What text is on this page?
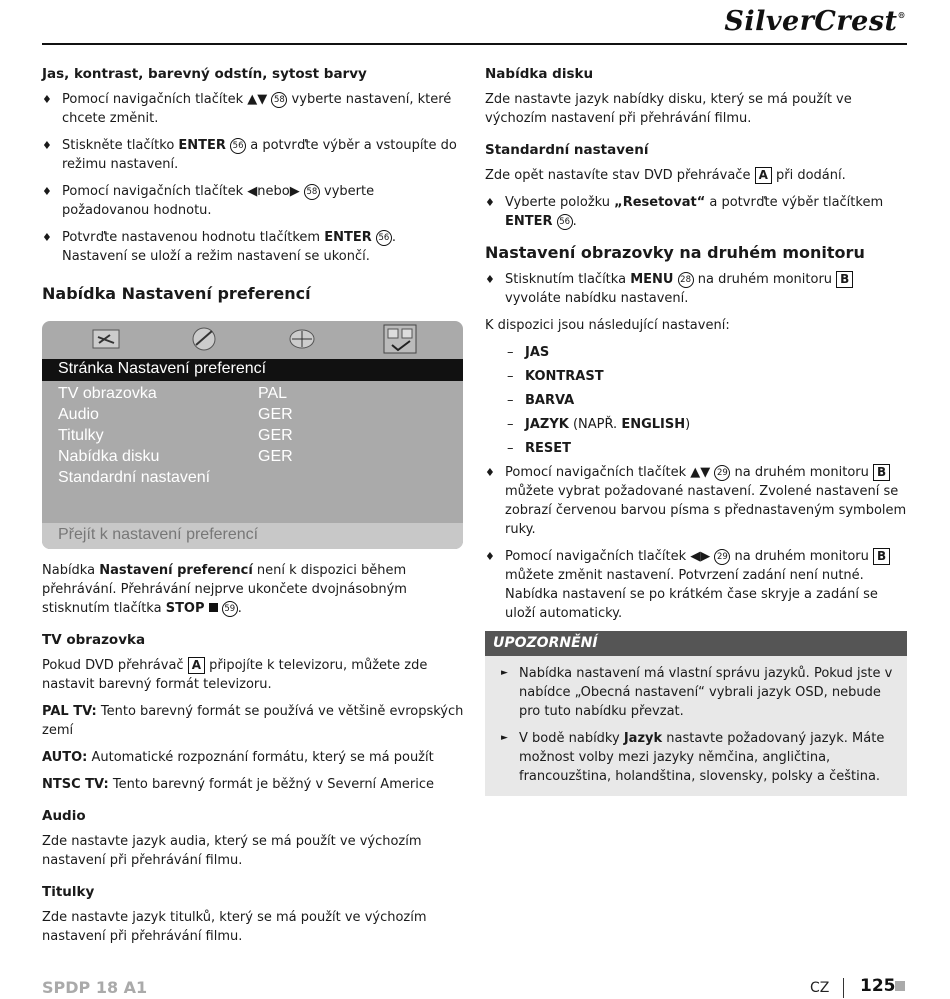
SilverCrest®
Jas, kontrast, barevný odstín, sytost barvy
♦ Pomocí navigačních tlačítek ▲▼ 58 vyberte nastavení, které chcete změnit.
♦ Stiskněte tlačítko ENTER 56 a potvrďte výběr a vstoupíte do režimu nastavení.
♦ Pomocí navigačních tlačítek ◀nebo▶ 58 vyberte požadovanou hodnotu.
♦ Potvrďte nastavenou hodnotu tlačítkem ENTER 56 .
Nastavení se uloží a režim nastavení se ukončí.
Nabídka Nastavení preferencí
Stránka Nastavení preferencí
TV obrazovka	PAL
Audio	GER
Titulky	GER
Nabídka disku	GER
Standardní nastavení
Přejít k nastavení preferencí

Nabídka Nastavení preferencí není k dispozici během přehrávání. Přehrávání nejprve ukončete dvojnásobným stisknutím tlačítka STOP 59 .

TV obrazovka

Pokud DVD přehrávač A připojíte k televizoru, můžete zde nastavit barevný formát televizoru.

PAL TV: Tento barevný formát se používá ve většině evropských zemí

AUTO: Automatické rozpoznání formátu, který se má použít

NTSC TV: Tento barevný formát je běžný v Severní Americe

Audio

Zde nastavte jazyk audia, který se má použít ve výchozím nastavení při přehrávání filmu.

Titulky

Zde nastavte jazyk titulků, který se má použít ve výchozím nastavení při přehrávání filmu.

Nabídka disku

Zde nastavte jazyk nabídky disku, který se má použít ve výchozím nastavení při přehrávání filmu.

Standardní nastavení

Zde opět nastavíte stav DVD přehrávače A při dodání.

♦ Vyberte položku „Resetovat“ a potvrďte výběr tlačítkem ENTER 56 .
Nastavení obrazovky na druhém monitoru
♦ Stisknutím tlačítka MENU 28 na druhém monitoru B vyvoláte nabídku nastavení.

K dispozici jsou následující nastavení:

– JAS
– KONTRAST
– BARVA
– JAZYK (NAPŘ. ENGLISH)
– RESET
♦ Pomocí navigačních tlačítek ▲▼ 29 na druhém monitoru B můžete vybrat požadované nastavení. Zvolené nastavení se zobrazí červenou barvou písma s přednastaveným symbolem ruky.
♦ Pomocí navigačních tlačítek ◀▶ 29 na druhém monitoru B můžete změnit nastavení. Potvrzení zadání není nutné. Nabídka nastavení se po krátkém čase skryje a zadání se uloží automaticky.
UPOZORNĚNÍ
► Nabídka nastavení má vlastní správu jazyků. Pokud jste v nabídce „Obecná nastavení“ vybrali jazyk OSD, nebude pro tuto nabídku převzat.
► V bodě nabídky Jazyk nastavte požadovaný jazyk. Máte možnost volby mezi jazyky němčina, angličtina, francouzština, holandština, slovensky, polsky a čeština.
SPDP 18 A1	CZ 125
